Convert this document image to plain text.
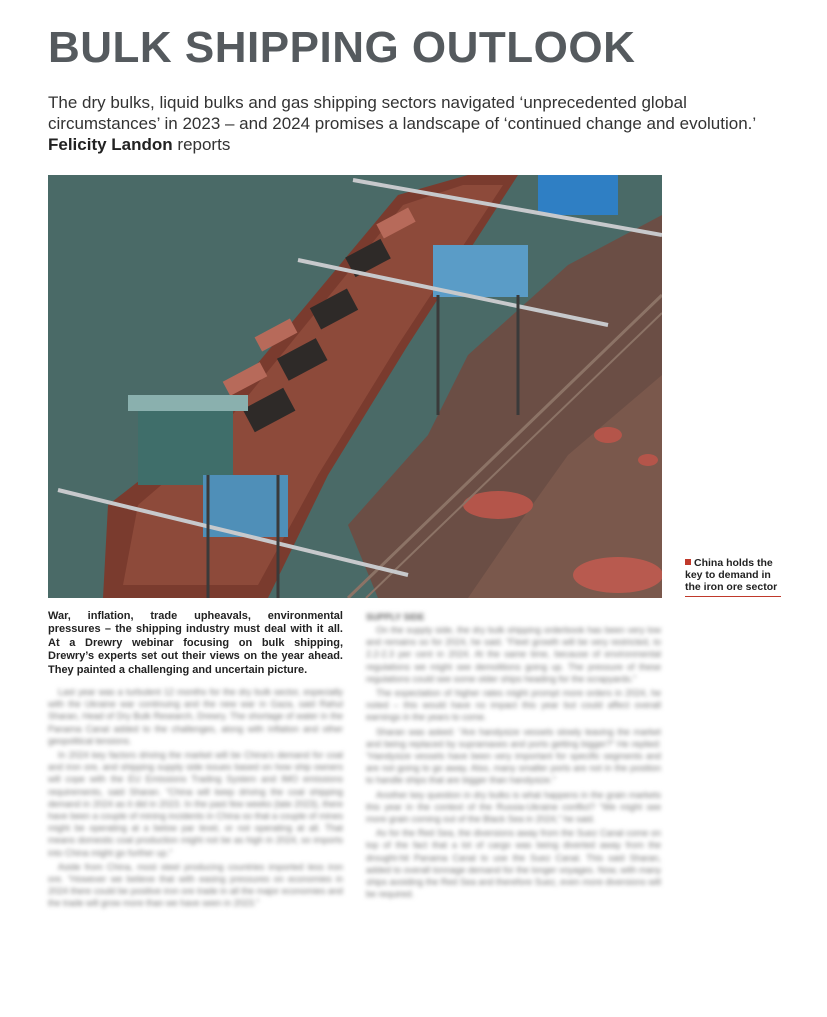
BULK SHIPPING OUTLOOK

The dry bulks, liquid bulks and gas shipping sectors navigated ‘unprecedented global circumstances’ in 2023 – and 2024 promises a landscape of ‘continued change and evolution.’
Felicity Landon reports

China holds the key to demand in the iron ore sector

War, inflation, trade upheavals, environmental pressures – the shipping industry must deal with it all. At a Drewry webinar focusing on bulk shipping, Drewry’s experts set out their views on the year ahead. They painted a challenging and uncertain picture.

Last year was a turbulent 12 months for the dry bulk sector, especially with the Ukraine war continuing and the new war in Gaza, said Rahul Sharan, Head of Dry Bulk Research, Drewry. The shortage of water in the Panama Canal added to the challenges, along with inflation and other geopolitical tensions.

In 2024 key factors driving the market will be China’s demand for coal and iron ore, and shipping supply side issues based on how ship owners will cope with the EU Emissions Trading System and IMO emissions requirements, said Sharan. “China will keep driving the coal shipping demand in 2024 as it did in 2023. In the past few weeks (late 2023), there have been a couple of mining incidents in China so that a couple of mines might be operating at a below par level, or not operating at all. That means domestic coal production might not be as high in 2024, so imports into China might go further up.”

Aside from China, most steel producing countries imported less iron ore. “However we believe that with easing pressures on economies in 2024 there could be positive iron ore trade in all the major economies and the trade will grow more than we have seen in 2023.”

SUPPLY SIDE

On the supply side, the dry bulk shipping orderbook has been very low and remains so for 2024, he said. “Fleet growth will be very restricted, to 2.2-2.3 per cent in 2024. At the same time, because of environmental regulations we might see demolitions going up. The pressure of these regulations could see some older ships heading for the scrapyards.”

The expectation of higher rates might prompt more orders in 2024, he noted – this would have no impact this year but could affect overall earnings in the years to come.

Sharan was asked: “Are handysize vessels slowly leaving the market and being replaced by supramaxes and ports getting bigger?” He replied: “Handysize vessels have been very important for specific segments and are not going to go away. Also, many smaller ports are not in the position to handle ships that are bigger than handysize.”

Another key question in dry bulks is what happens in the grain markets this year in the context of the Russia-Ukraine conflict? “We might see more grain coming out of the Black Sea in 2024,” he said.

As for the Red Sea, the diversions away from the Suez Canal come on top of the fact that a lot of cargo was being diverted away from the drought-hit Panama Canal to use the Suez Canal. This said Sharan, added to overall tonnage demand for the longer voyages. Now, with many ships avoiding the Red Sea and therefore Suez, even more diversions will be required.
